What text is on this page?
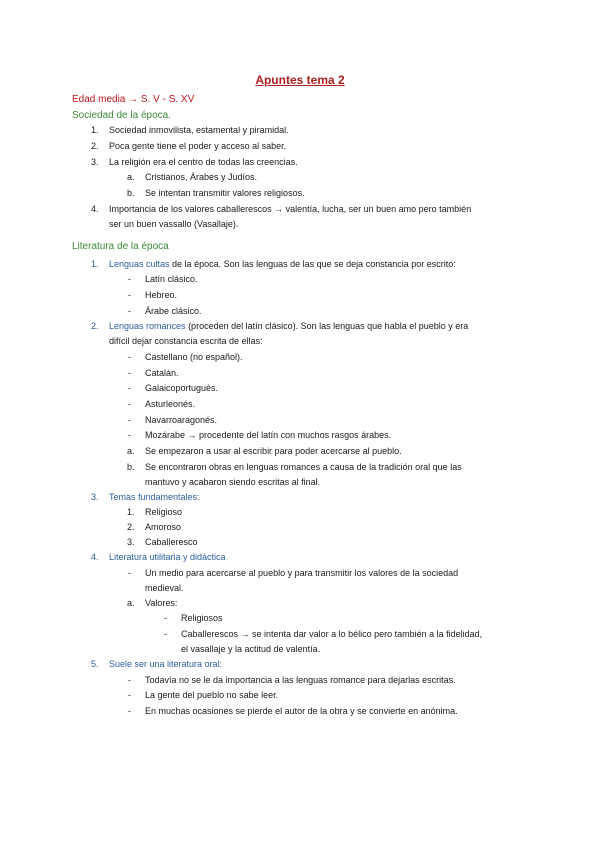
Apuntes tema 2
Edad media → S. V - S. XV
Sociedad de la época.
1. Sociedad inmovilista, estamental y piramidal.
2. Poca gente tiene el poder y acceso al saber.
3. La religión era el centro de todas las creencias.
a. Cristianos, Árabes y Judíos.
b. Se intentan transmitir valores religiosos.
4. Importancia de los valores caballerescos → valentía, lucha, ser un buen amo pero también
ser un buen vassallo (Vasallaje).
Literatura de la época
1. Lenguas cultas de la época. Son las lenguas de las que se deja constancia por escrito:
- Latín clásico.
- Hebreo.
- Árabe clásico.
2. Lenguas romances (proceden del latín clásico). Son las lenguas que habla el pueblo y era
difícil dejar constancia escrita de ellas:
- Castellano (no español).
- Catalán.
- Galaicoportuguès.
- Asturleonés.
- Navarroaragonés.
- Mozárabe → procedente del latín con muchos rasgos árabes.
a. Se empezaron a usar al escribir para poder acercarse al pueblo.
b. Se encontraron obras en lenguas romances a causa de la tradición oral que las
mantuvo y acabaron siendo escritas al final.
3. Temas fundamentales:
1. Religioso
2. Amoroso
3. Caballeresco
4. Literatura utilitaria y didáctica
- Un medio para acercarse al pueblo y para transmitir los valores de la sociedad
medieval.
a. Valores:
- Religiosos
- Caballerescos → se intenta dar valor a lo bélico pero también a la fidelidad,
el vasallaje y la actitud de valentía.
5. Suele ser una literatura oral:
- Todavía no se le da importancia a las lenguas romance para dejarlas escritas.
- La gente del pueblo no sabe leer.
- En muchas ocasiones se pierde el autor de la obra y se convierte en anónima.
